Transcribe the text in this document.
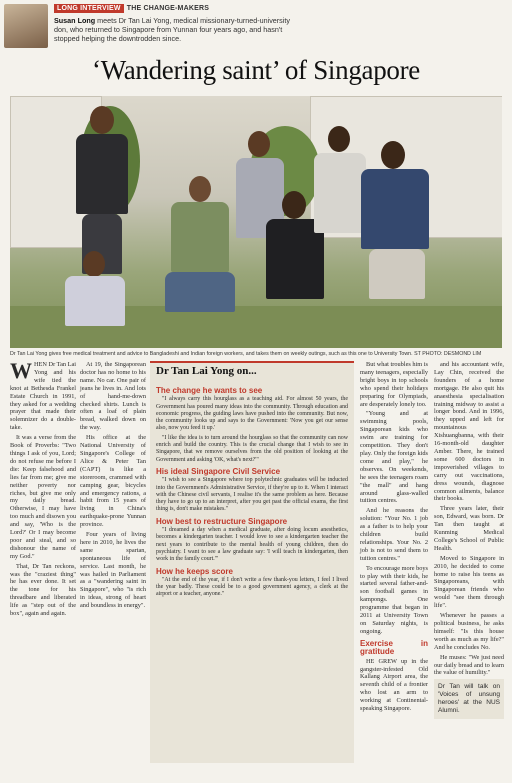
LONG INTERVIEW THE CHANGE-MAKERS
Susan Long meets Dr Tan Lai Yong, medical missionary-turned-university don, who returned to Singapore from Yunnan four years ago, and hasn't stopped helping the downtrodden since.
‘Wandering saint’ of Singapore
Dr Tan Lai Yong gives free medical treatment and advice to Bangladeshi and Indian foreign workers, and takes them on weekly outings, such as this one to University Town. ST PHOTO: DESMOND LIM

WHEN Dr Tan Lai Yong and his wife tied the knot at Bethesda Frankel Estate Church in 1991, they asked for a wedding prayer that made their solemnizer do a double-take.

It was a verse from the Book of Proverbs: "Two things I ask of you, Lord; do not refuse me before I die: Keep falsehood and lies far from me; give me neither poverty nor riches, but give me only my daily bread. Otherwise, I may have too much and disown you and say, 'Who is the Lord?' Or I may become poor and steal, and so dishonour the name of my God."

That, Dr Tan reckons, was the "craziest thing" he has ever done. It set the tone for his threadbare and liberated life as "step out of the box", again and again.

At 19, the Singaporean doctor has no home to his name. No car. One pair of jeans he lives in. And lots of hand-me-down checked shirts. Lunch is often a loaf of plain bread, walked down on the way.

His office at the National University of Singapore's College of Alice & Peter Tan (CAPT) is like a storeroom, crammed with camping gear, bicycles and emergency rations, a habit from 15 years of living in China's earthquake-prone Yunnan province.

Four years of living here in 2010, he lives the same spartan, spontaneous life of service. Last month, he was hailed in Parliament as a "wandering saint in Singapore", who "is rich in ideas, strong of heart and boundless in energy".

Dr Tan Lai Yong on...
The change he wants to see

"I always carry this hourglass as a teaching aid. For almost 50 years, the Government has poured many ideas into the community. Through education and economic progress, the guiding laws have pushed into the community. But now, the community looks up and says to the Government: 'Now you get our sense also, now you feed it up.'

"I like the idea is to turn around the hourglass so that the community can now enrich and build the country. This is the crucial change that I wish to see in Singapore, that we remove ourselves from the old position of looking at the Government and asking 'OK, what's next?'"

His ideal Singapore Civil Service

"I wish to see a Singapore where top polytechnic graduates will be inducted into the Government's Administrative Service, if they're up to it. When I interact with the Chinese civil servants, I realise it's the same problem as here. Because they have to go up to an interpret, after you get past the official exams, the first thing is, don't make mistakes."

How best to restructure Singapore

"I dreamed a day when a medical graduate, after doing locum anesthetics, becomes a kindergarten teacher. I would love to see a kindergarten teacher the next years to contribute to the mental health of young children, then do psychiatry. I want to see a law graduate say: 'I will teach in kindergarten, then work in the family court.'"

How he keeps score

"At the end of the year, if I don't write a few thank-you letters, I feel I lived the year badly. These could be to a good government agency, a clerk at the airport or a teacher, anyone."

But what troubles him is many teenagers, especially bright boys in top schools who spend their holidays preparing for Olympiads, are desperately lonely too.

"Young and at swimming pools, Singaporean kids who swim are training for competition. They don't play. Only the foreign kids come and play," he observes. On weekends, he sees the teenagers roam "the mall" and hang around glass-walled tuition centres.

And he reasons the solution: "Your No. 1 job as a father is to help your children build relationships. Your No. 2 job is not to send them to tuition centres."

To encourage more boys to play with their kids, he started several father-and-son football games in kampongs. One programme that began in 2011 at University Town on Saturday nights, is ongoing.

Exercise in gratitude

HE GREW up in the gangster-infested Old Kallang Airport area, the seventh child of a frontier who lost an arm to working at Continental-speaking Singapore.

and his accountant wife, Lay Chin, received the founders of a home mortgage. He also quit his anaesthesia specialisation training midway to assist a longer bond. And in 1996, they upped and left for mountainous Xishuangbanna, with their 16-month-old daughter Amber. There, he trained some 600 doctors in impoverished villages to carry out vaccinations, dress wounds, diagnose common ailments, balance their books.

Three years later, their son, Edward, was born. Dr Tan then taught at Kunming Medical College's School of Public Health.

Moved to Singapore in 2010, he decided to come home to raise his teens as Singaporeans, with Singaporean friends who would "see them through life".

Whenever he passes a political business, he asks himself: "Is this house worth as much as my life?" And he concludes No.

He muses: "We just need our daily bread and to learn the value of humility."

Dr Tan will talk on 'Voices of unsung heroes' at the NUS Alumni.
